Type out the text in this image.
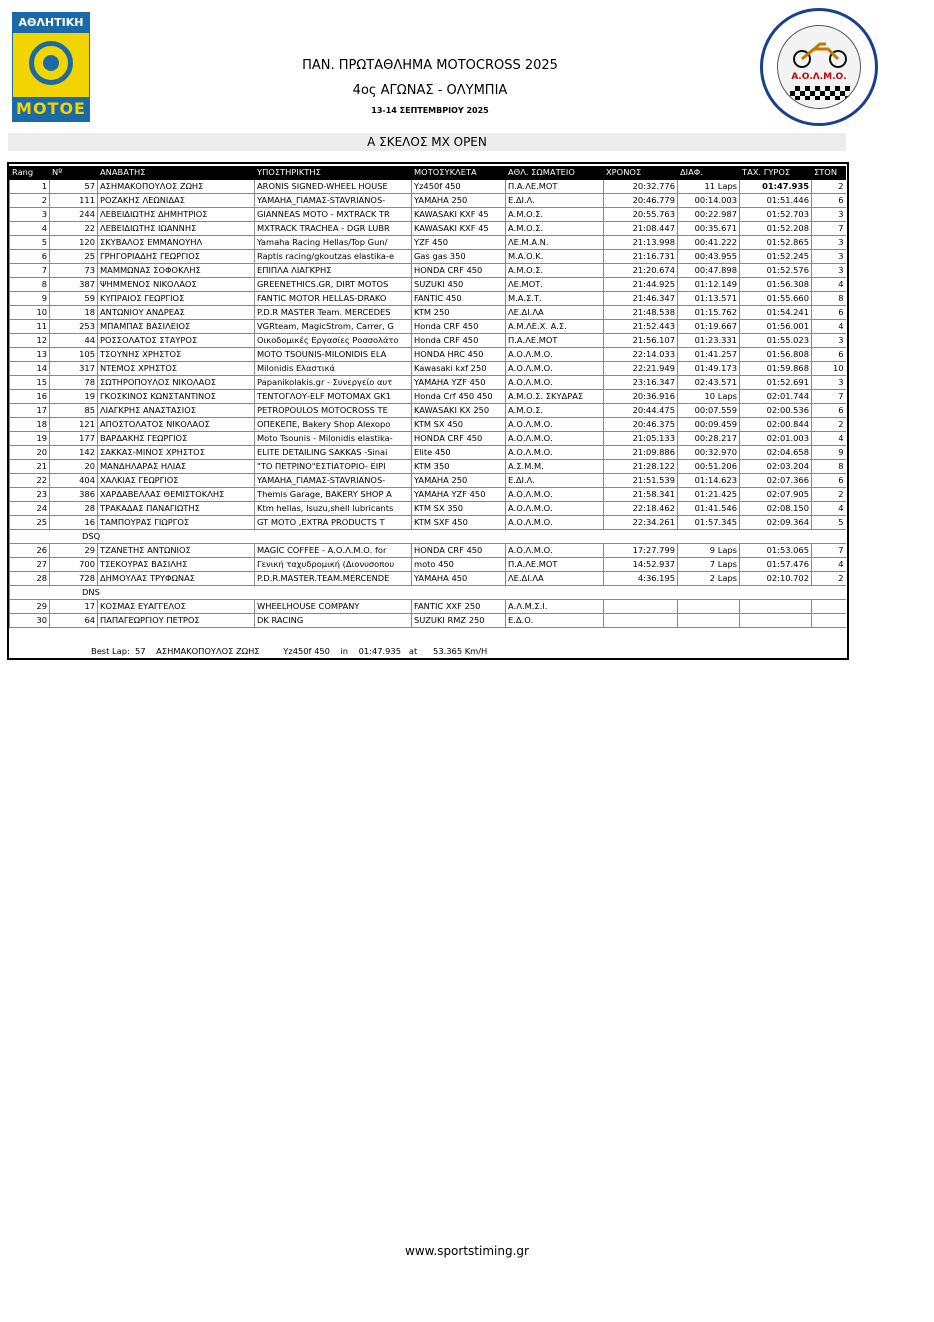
ΑΘΛΗΤΙΚΗ
ΜΟΤΟΕ
Α.Ο.Λ.Μ.Ο.
ΠΑΝ. ΠΡΩΤΑΘΛΗΜΑ MOTOCROSS 2025
4ος ΑΓΩΝΑΣ - ΟΛΥΜΠΙΑ
13-14 ΣΕΠΤΕΜΒΡΙΟΥ 2025
Α ΣΚΕΛΟΣ MX OPEN
Rang	Nº	ΑΝΑΒΑΤΗΣ	ΥΠΟΣΤΗΡΙΚΤΗΣ	ΜΟΤΟΣΥΚΛΕΤΑ	ΑΘΛ. ΣΩΜΑΤΕΙΟ	ΧΡΟΝΟΣ	ΔΙΑΦ.	ΤΑΧ. ΓΥΡΟΣ	ΣΤΟΝ
1	57	ΑΣΗΜΑΚΟΠΟΥΛΟΣ ΖΩΗΣ	ARONIS SIGNED-WHEEL HOUSE	Yz450f 450	Π.Α.ΛΕ.ΜΟΤ	20:32.776	11 Laps	01:47.935	2
2	111	ΡΟΖΑΚΗΣ ΛΕΩΝΙΔΑΣ	YAMAHA_ΓΙΑΜΑΣ-STAVRIANOS-	YAMAHA 250	Ε.ΔΙ.Λ.	20:46.779	00:14.003	01:51.446	6
3	244	ΛΕΒΕΙΔΙΩΤΗΣ ΔΗΜΗΤΡΙΟΣ	GIANNEAS MOTO - MXTRACK TR	KAWASAKI KXF 45	Α.Μ.Ο.Σ.	20:55.763	00:22.987	01:52.703	3
4	22	ΛΕΒΕΙΔΙΩΤΗΣ ΙΩΑΝΝΗΣ	MXTRACK TRACHEA - DGR LUBR	KAWASAKI KXF 45	Α.Μ.Ο.Σ.	21:08.447	00:35.671	01:52.208	7
5	120	ΣΚΥΒΑΛΟΣ ΕΜΜΑΝΟΥΗΛ	Yamaha Racing Hellas/Top Gun/	YZF 450	ΛΕ.Μ.Α.Ν.	21:13.998	00:41.222	01:52.865	3
6	25	ΓΡΗΓΟΡΙΑΔΗΣ ΓΕΩΡΓΙΟΣ	Raptis racing/gkoutzas elastika-e	Gas gas 350	Μ.Α.Ο.Κ.	21:16.731	00:43.955	01:52.245	3
7	73	ΜΑΜΜΩΝΑΣ ΣΟΦΟΚΛΗΣ	ΕΠΙΠΛΑ ΛΙΑΓΚΡΗΣ	HONDA CRF 450	Α.Μ.Ο.Σ.	21:20.674	00:47.898	01:52.576	3
8	387	ΨΗΜΜΕΝΟΣ ΝΙΚΟΛΑΟΣ	GREENETHICS.GR, DIRT MOTOS	SUZUKI 450	ΛΕ.ΜΟΤ.	21:44.925	01:12.149	01:56.308	4
9	59	ΚΥΠΡΑΙΟΣ ΓΕΩΡΓΙΟΣ	FANTIC MOTOR HELLAS-DRAKO	FANTIC 450	Μ.Α.Σ.Τ.	21:46.347	01:13.571	01:55.660	8
10	18	ΑΝΤΩΝΙΟΥ ΑΝΔΡΕΑΣ	P.D.R MASTER Team. MERCEDES	KTM 250	ΛΕ.ΔΙ.ΛΑ	21:48.538	01:15.762	01:54.241	6
11	253	ΜΠΑΜΠΑΣ ΒΑΣΙΛΕΙΟΣ	VGRteam, MagicStrom, Carrer, G	Honda CRF 450	Α.Μ.ΛΕ.Χ. Α.Σ.	21:52.443	01:19.667	01:56.001	4
12	44	ΡΟΣΣΟΛΑΤΟΣ ΣΤΑΥΡΟΣ	Οικοδομικές Εργασίες Ροσσολάτο	Honda CRF 450	Π.Α.ΛΕ.ΜΟΤ	21:56.107	01:23.331	01:55.023	3
13	105	ΤΣΟΥΝΗΣ ΧΡΗΣΤΟΣ	MOTO TSOUNIS-MILONIDIS ELA	HONDA HRC 450	Α.Ο.Λ.Μ.Ο.	22:14.033	01:41.257	01:56.808	6
14	317	ΝΤΕΜΟΣ ΧΡΗΣΤΟΣ	Milonidis Ελαστικά	Kawasaki kxf 250	Α.Ο.Λ.Μ.Ο.	22:21.949	01:49.173	01:59.868	10
15	78	ΣΩΤΗΡΟΠΟΥΛΟΣ ΝΙΚΟΛΑΟΣ	Papanikolakis.gr - Συνεργείο αυτ	YAMAHA YZF 450	Α.Ο.Λ.Μ.Ο.	23:16.347	02:43.571	01:52.691	3
16	19	ΓΚΟΣΚΙΝΟΣ ΚΩΝΣΤΑΝΤΙΝΟΣ	ΤΕΝΤΟΓΛΟΥ-ELF MOTOMAX GK1	Honda Crf 450 450	Α.Μ.Ο.Σ. ΣΚΥΔΡΑΣ	20:36.916	10 Laps	02:01.744	7
17	85	ΛΙΑΓΚΡΗΣ ΑΝΑΣΤΑΣΙΟΣ	PETROPOULOS MOTOCROSS TE	KAWASAKI KX 250	Α.Μ.Ο.Σ.	20:44.475	00:07.559	02:00.536	6
18	121	ΑΠΟΣΤΟΛΑΤΟΣ ΝΙΚΟΛΑΟΣ	ΟΠΕΚΕΠΕ, Bakery Shop Alexopo	KTM SX 450	Α.Ο.Λ.Μ.Ο.	20:46.375	00:09.459	02:00.844	2
19	177	ΒΑΡΔΑΚΗΣ ΓΕΩΡΓΙΟΣ	Moto Tsounis - Milonidis elastika-	HONDA CRF 450	Α.Ο.Λ.Μ.Ο.	21:05.133	00:28.217	02:01.003	4
20	142	ΣΑΚΚΑΣ-ΜΙΝΟΣ ΧΡΗΣΤΟΣ	ELITE DETAILING SAKKAS -Sinai	Elite 450	Α.Ο.Λ.Μ.Ο.	21:09.886	00:32.970	02:04.658	9
21	20	ΜΑΝΔΗΛΑΡΑΣ ΗΛΙΑΣ	"ΤΟ ΠΕΤΡΙΝΟ"ΕΣΤΙΑΤΟΡΙΟ- ΕΙΡΙ	KTM 350	Α.Σ.Μ.Μ.	21:28.122	00:51.206	02:03.204	8
22	404	ΧΑΛΚΙΑΣ ΓΕΩΡΓΙΟΣ	YAMAHA_ΓΙΑΜΑΣ-STAVRIANOS-	YAMAHA 250	Ε.ΔΙ.Λ.	21:51.539	01:14.623	02:07.366	6
23	386	ΧΑΡΔΑΒΕΛΛΑΣ ΘΕΜΙΣΤΟΚΛΗΣ	Themis Garage, BAKERY SHOP A	YAMAHA YZF 450	Α.Ο.Λ.Μ.Ο.	21:58.341	01:21.425	02:07.905	2
24	28	ΤΡΑΚΑΔΑΣ ΠΑΝΑΓΙΩΤΗΣ	Ktm hellas, Isuzu,shell lubricants	KTM SX 350	Α.Ο.Λ.Μ.Ο.	22:18.462	01:41.546	02:08.150	4
25	16	ΤΑΜΠΟΥΡΑΣ ΓΙΩΡΓΟΣ	GT MOTO ,EXTRA PRODUCTS T	KTM SXF 450	Α.Ο.Λ.Μ.Ο.	22:34.261	01:57.345	02:09.364	5
DSQ									
26	29	ΤΖΑΝΕΤΗΣ ΑΝΤΩΝΙΟΣ	MAGIC COFFEE - Α.Ο.Λ.Μ.Ο. for	HONDA CRF 450	Α.Ο.Λ.Μ.Ο.	17:27.799	9 Laps	01:53.065	7
27	700	ΤΣΕΚΟΥΡΑΣ ΒΑΣΙΛΗΣ	Γενική ταχυδρομική (Διονυσοπου	moto 450	Π.Α.ΛΕ.ΜΟΤ	14:52.937	7 Laps	01:57.476	4
28	728	ΔΗΜΟΥΛΑΣ ΤΡΥΦΩΝΑΣ	P.D.R.MASTER.TEAM.MERCENDE	YAMAHA 450	ΛΕ.ΔΙ.ΛΑ	4:36.195	2 Laps	02:10.702	2
DNS									
29	17	ΚΟΣΜΑΣ ΕΥΑΓΓΕΛΟΣ	WHEELHOUSE COMPANY	FANTIC XXF 250	Α.Λ.Μ.Σ.Ι.				
30	64	ΠΑΠΑΓΕΩΡΓΙΟΥ ΠΕΤΡΟΣ	DK RACING	SUZUKI RMZ 250	Ε.Δ.Ο.				
Best Lap:  57    ΑΣΗΜΑΚΟΠΟΥΛΟΣ ΖΩΗΣ         Yz450f 450    in    01:47.935   at      53.365 Km/H
www.sportstiming.gr
